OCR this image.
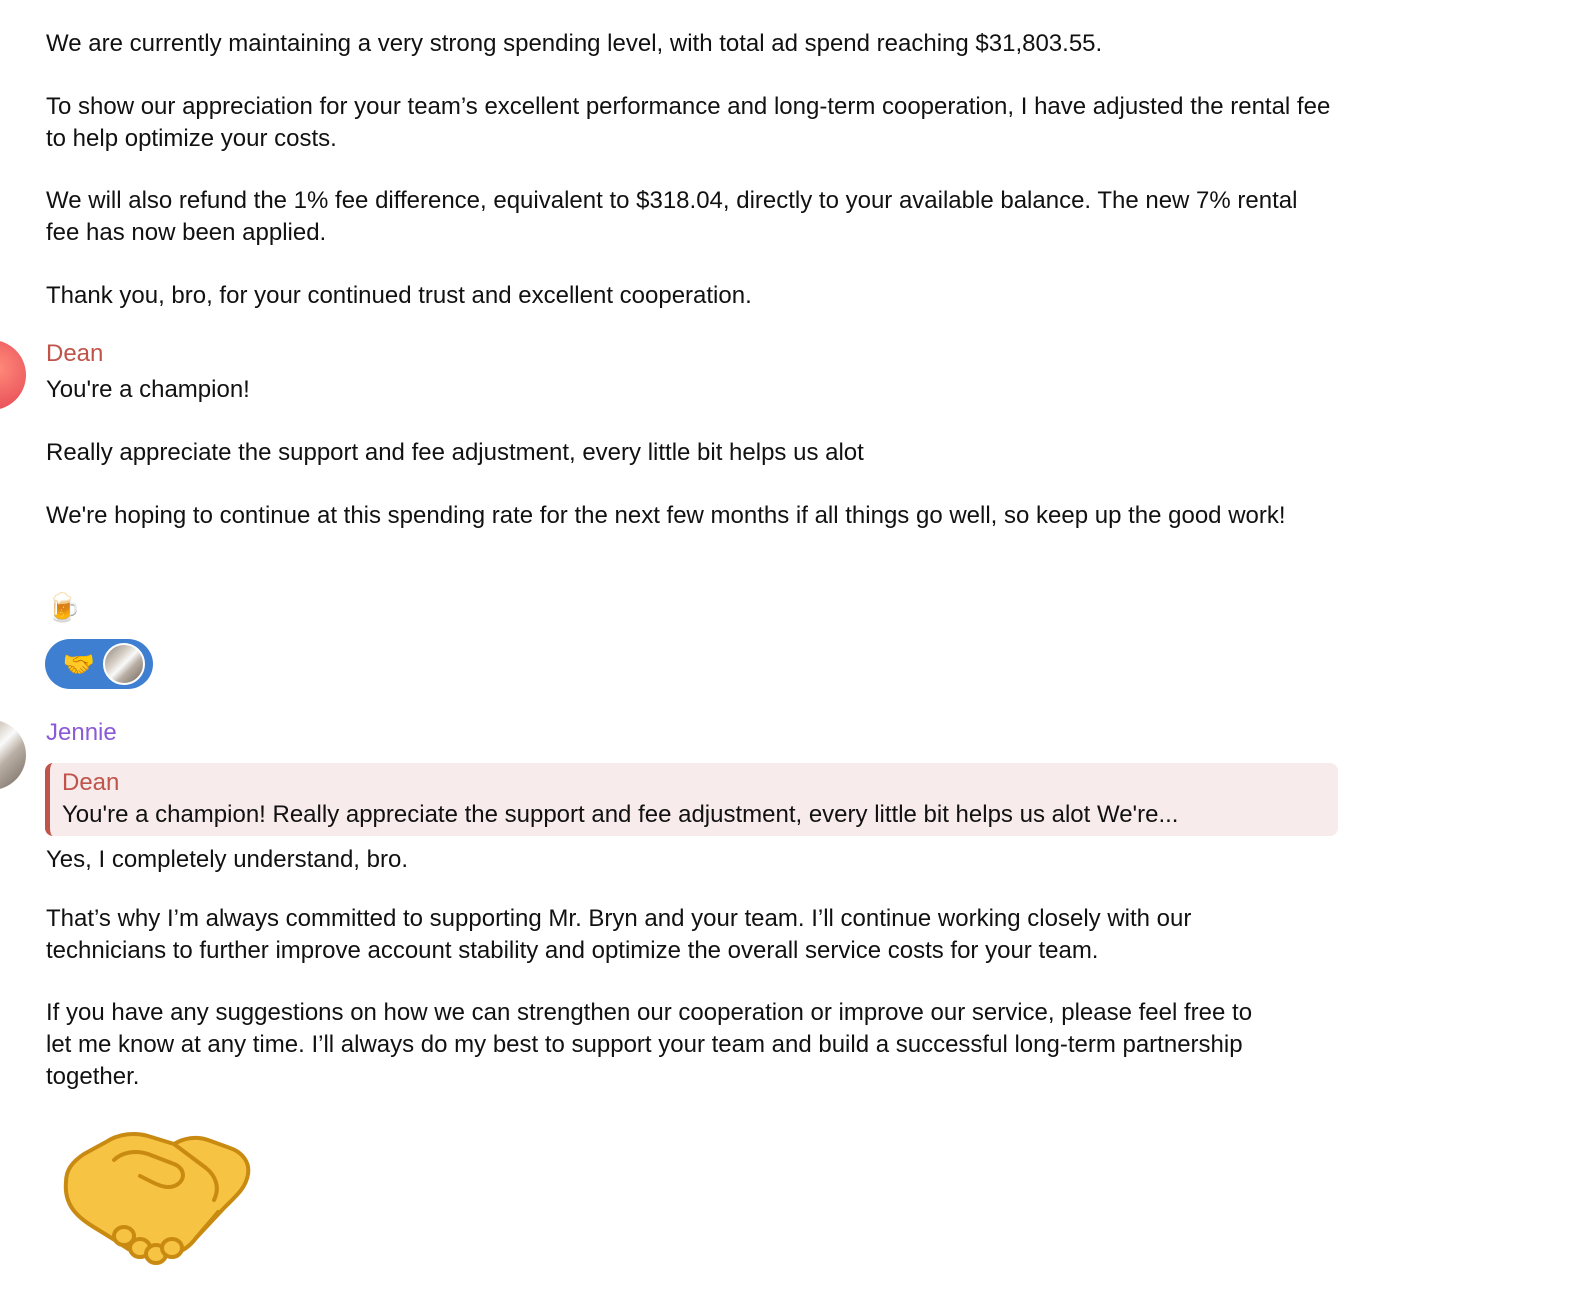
We are currently maintaining a very strong spending level, with total ad spend reaching $31,803.55.

To show our appreciation for your team’s excellent performance and long-term cooperation, I have adjusted the rental fee to help optimize your costs.

We will also refund the 1% fee difference, equivalent to $318.04, directly to your available balance. The new 7% rental fee has now been applied.

Thank you, bro, for your continued trust and excellent cooperation.

Dean

You're a champion!

Really appreciate the support and fee adjustment, every little bit helps us alot

We're hoping to continue at this spending rate for the next few months if all things go well, so keep up the good work!

🍺
🤝

Jennie

Dean
You're a champion! Really appreciate the support and fee adjustment, every little bit helps us alot We're...

Yes, I completely understand, bro.

That’s why I’m always committed to supporting Mr. Bryn and your team. I’ll continue working closely with our technicians to further improve account stability and optimize the overall service costs for your team.

If you have any suggestions on how we can strengthen our cooperation or improve our service, please feel free to let me know at any time. I’ll always do my best to support your team and build a successful long-term partnership together.
